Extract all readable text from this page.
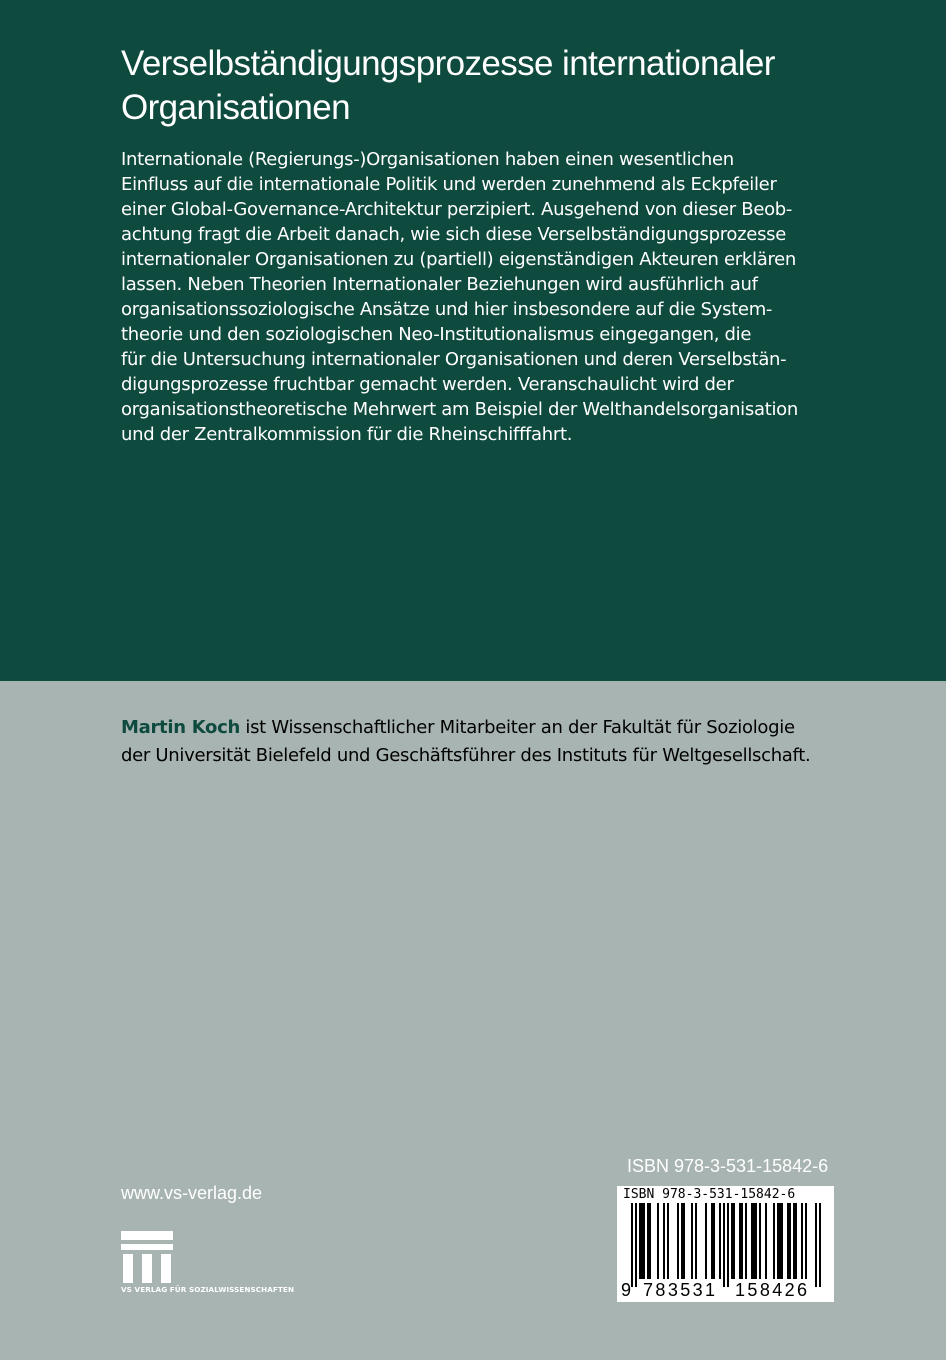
Verselbständigungsprozesse internationaler
Organisationen

Internationale (Regierungs-)Organisationen haben einen wesentlichen
Einfluss auf die internationale Politik und werden zunehmend als Eckpfeiler
einer Global-Governance-Architektur perzipiert. Ausgehend von dieser Beob-
achtung fragt die Arbeit danach, wie sich diese Verselbständigungsprozesse
internationaler Organisationen zu (partiell) eigenständigen Akteuren erklären
lassen. Neben Theorien Internationaler Beziehungen wird ausführlich auf
organisationssoziologische Ansätze und hier insbesondere auf die System-
theorie und den soziologischen Neo-Institutionalismus eingegangen, die
für die Untersuchung internationaler Organisationen und deren Verselbstän-
digungsprozesse fruchtbar gemacht werden. Veranschaulicht wird der
organisationstheoretische Mehrwert am Beispiel der Welthandelsorganisation
und der Zentralkommission für die Rheinschifffahrt.

Martin Koch ist Wissenschaftlicher Mitarbeiter an der Fakultät für Soziologie
der Universität Bielefeld und Geschäftsführer des Instituts für Weltgesellschaft.

www.vs-verlag.de
VS VERLAG FÜR SOZIALWISSENSCHAFTEN
ISBN 978-3-531-15842-6
ISBN 978-3-531-15842-6
9 783531 158426
